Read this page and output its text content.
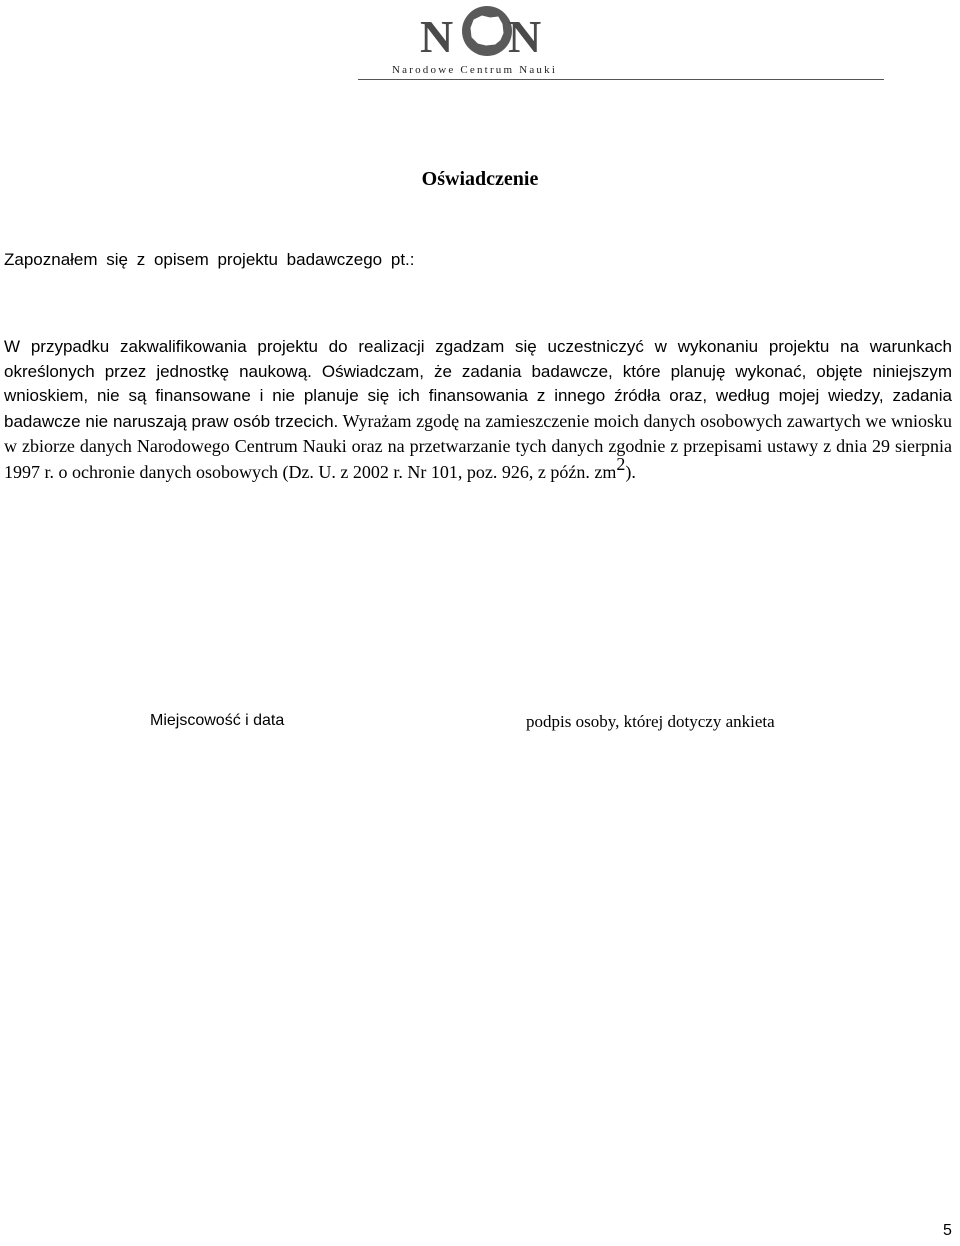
N N
Narodowe Centrum Nauki
Oświadczenie
Zapoznałem się z opisem projektu badawczego pt.:

W przypadku zakwalifikowania projektu do realizacji zgadzam się uczestniczyć w wykonaniu projektu na warunkach określonych przez jednostkę naukową. Oświadczam, że zadania badawcze, które planuję wykonać, objęte niniejszym wnioskiem, nie są finansowane i nie planuje się ich finansowania z innego źródła oraz, według mojej wiedzy, zadania badawcze nie naruszają praw osób trzecich. Wyrażam zgodę na zamieszczenie moich danych osobowych zawartych we wniosku w zbiorze danych Narodowego Centrum Nauki oraz na przetwarzanie tych danych zgodnie z przepisami ustawy z dnia 29 sierpnia 1997 r. o ochronie danych osobowych (Dz. U. z 2002 r. Nr 101, poz. 926, z późn. $zm^2$).

Miejscowość i data	podpis osoby, której dotyczy ankieta
5
